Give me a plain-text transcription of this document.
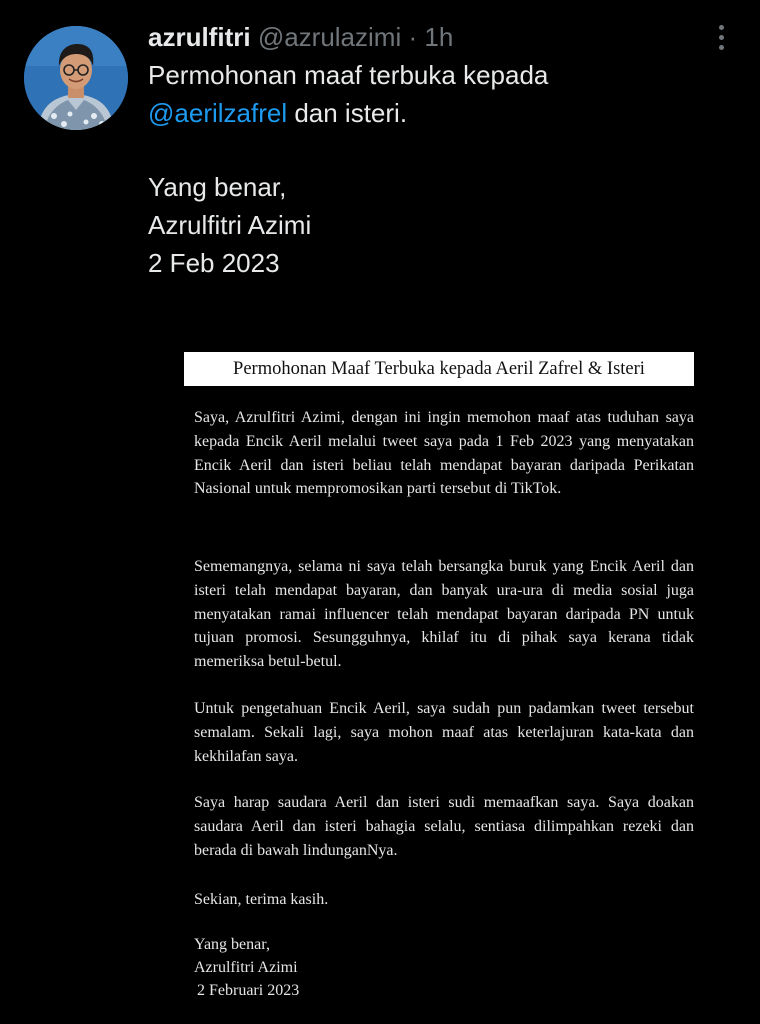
azrulfitri @azrulazimi · 1h
Permohonan maaf terbuka kepada
@aerilzafrel dan isteri.
Yang benar,
Azrulfitri Azimi
2 Feb 2023
Permohonan Maaf Terbuka kepada Aeril Zafrel & Isteri
Saya, Azrulfitri Azimi, dengan ini ingin memohon maaf atas tuduhan saya kepada Encik Aeril melalui tweet saya pada 1 Feb 2023 yang menyatakan Encik Aeril dan isteri beliau telah mendapat bayaran daripada Perikatan Nasional untuk mempromosikan parti tersebut di TikTok.
Sememangnya, selama ni saya telah bersangka buruk yang Encik Aeril dan isteri telah mendapat bayaran, dan banyak ura-ura di media sosial juga menyatakan ramai influencer telah mendapat bayaran daripada PN untuk tujuan promosi. Sesungguhnya, khilaf itu di pihak saya kerana tidak memeriksa betul-betul.
Untuk pengetahuan Encik Aeril, saya sudah pun padamkan tweet tersebut semalam. Sekali lagi, saya mohon maaf atas keterlajuran kata-kata dan kekhilafan saya.
Saya harap saudara Aeril dan isteri sudi memaafkan saya. Saya doakan saudara Aeril dan isteri bahagia selalu, sentiasa dilimpahkan rezeki dan berada di bawah lindunganNya.
Sekian, terima kasih.
Yang benar,
Azrulfitri Azimi
2 Februari 2023
